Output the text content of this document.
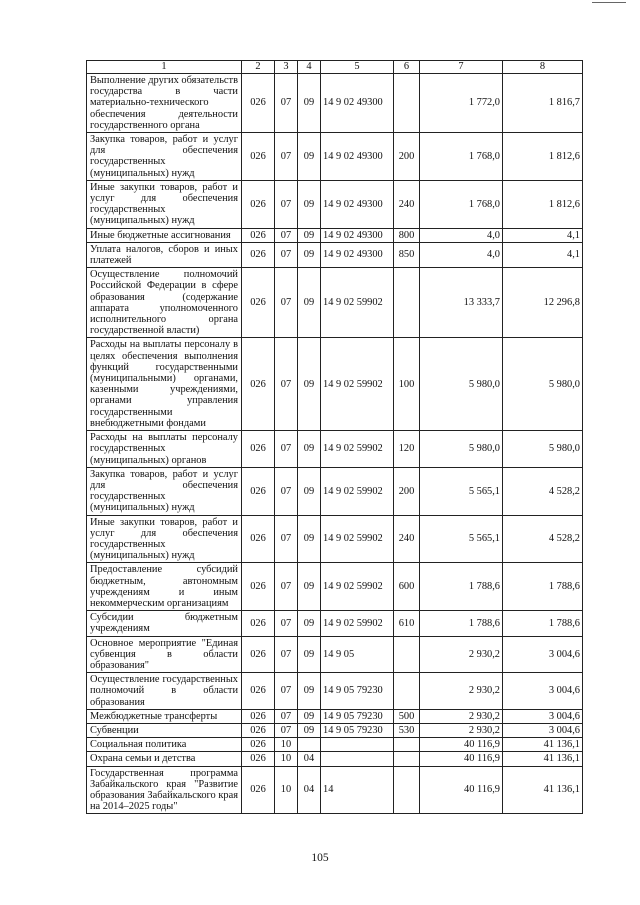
1	2	3	4	5	6	7	8
Выполнение других обязательств государства в части материально-технического обеспечения деятельности государственного органа	026	07	09	14 9 02 49300		1 772,0	1 816,7
Закупка товаров, работ и услуг для обеспечения государственных (муниципальных) нужд	026	07	09	14 9 02 49300	200	1 768,0	1 812,6
Иные закупки товаров, работ и услуг для обеспечения государственных (муниципальных) нужд	026	07	09	14 9 02 49300	240	1 768,0	1 812,6
Иные бюджетные ассигнования	026	07	09	14 9 02 49300	800	4,0	4,1
Уплата налогов, сборов и иных платежей	026	07	09	14 9 02 49300	850	4,0	4,1
Осуществление полномочий Российской Федерации в сфере образования (содержание аппарата уполномоченного исполнительного органа государственной власти)	026	07	09	14 9 02 59902		13 333,7	12 296,8
Расходы на выплаты персоналу в целях обеспечения выполнения функций государственными (муниципальными) органами, казенными учреждениями, органами управления государственными внебюджетными фондами	026	07	09	14 9 02 59902	100	5 980,0	5 980,0
Расходы на выплаты персоналу государственных (муниципальных) органов	026	07	09	14 9 02 59902	120	5 980,0	5 980,0
Закупка товаров, работ и услуг для обеспечения государственных (муниципальных) нужд	026	07	09	14 9 02 59902	200	5 565,1	4 528,2
Иные закупки товаров, работ и услуг для обеспечения государственных (муниципальных) нужд	026	07	09	14 9 02 59902	240	5 565,1	4 528,2
Предоставление субсидий бюджетным, автономным учреждениям и иным некоммерческим организациям	026	07	09	14 9 02 59902	600	1 788,6	1 788,6
Субсидии бюджетным учреждениям	026	07	09	14 9 02 59902	610	1 788,6	1 788,6
Основное мероприятие "Единая субвенция в области образования"	026	07	09	14 9 05		2 930,2	3 004,6
Осуществление государственных полномочий в области образования	026	07	09	14 9 05 79230		2 930,2	3 004,6
Межбюджетные трансферты	026	07	09	14 9 05 79230	500	2 930,2	3 004,6
Субвенции	026	07	09	14 9 05 79230	530	2 930,2	3 004,6
Социальная политика	026	10				40 116,9	41 136,1
Охрана семьи и детства	026	10	04			40 116,9	41 136,1
Государственная программа Забайкальского края "Развитие образования Забайкальского края на 2014–2025 годы"	026	10	04	14		40 116,9	41 136,1
105
